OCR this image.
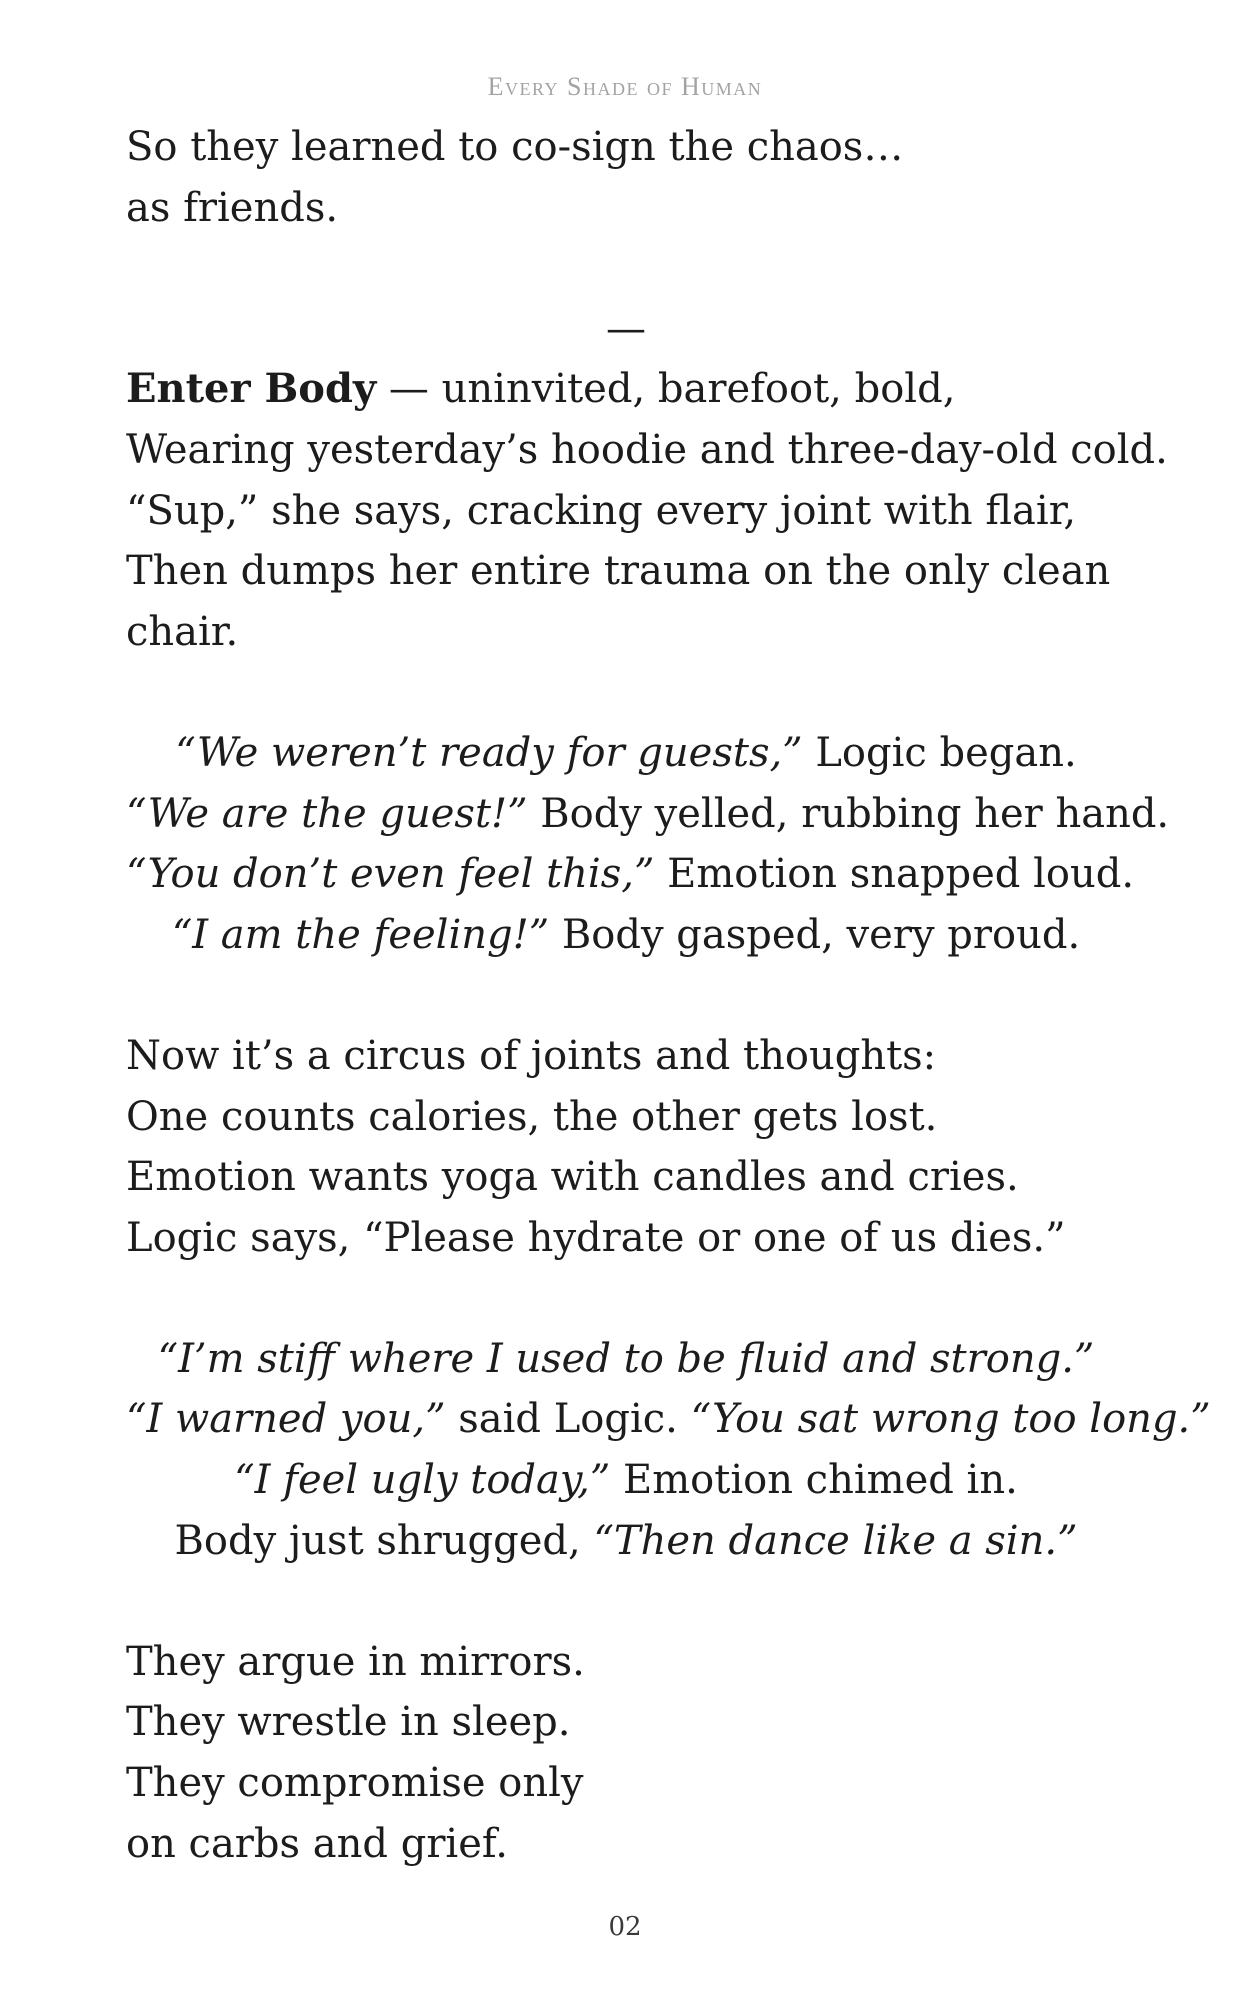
Every Shade of Human
So they learned to co-sign the chaos…
as friends.
—
Enter Body — uninvited, barefoot, bold,
Wearing yesterday’s hoodie and three-day-old cold.
“Sup,” she says, cracking every joint with flair,
Then dumps her entire trauma on the only clean
chair.
“We weren’t ready for guests,” Logic began.
“We are the guest!” Body yelled, rubbing her hand.
“You don’t even feel this,” Emotion snapped loud.
“I am the feeling!” Body gasped, very proud.
Now it’s a circus of joints and thoughts:
One counts calories, the other gets lost.
Emotion wants yoga with candles and cries.
Logic says, “Please hydrate or one of us dies.”
“I’m stiff where I used to be fluid and strong.”
“I warned you,” said Logic. “You sat wrong too long.”
“I feel ugly today,” Emotion chimed in.
Body just shrugged, “Then dance like a sin.”
They argue in mirrors.
They wrestle in sleep.
They compromise only
on carbs and grief.
02
